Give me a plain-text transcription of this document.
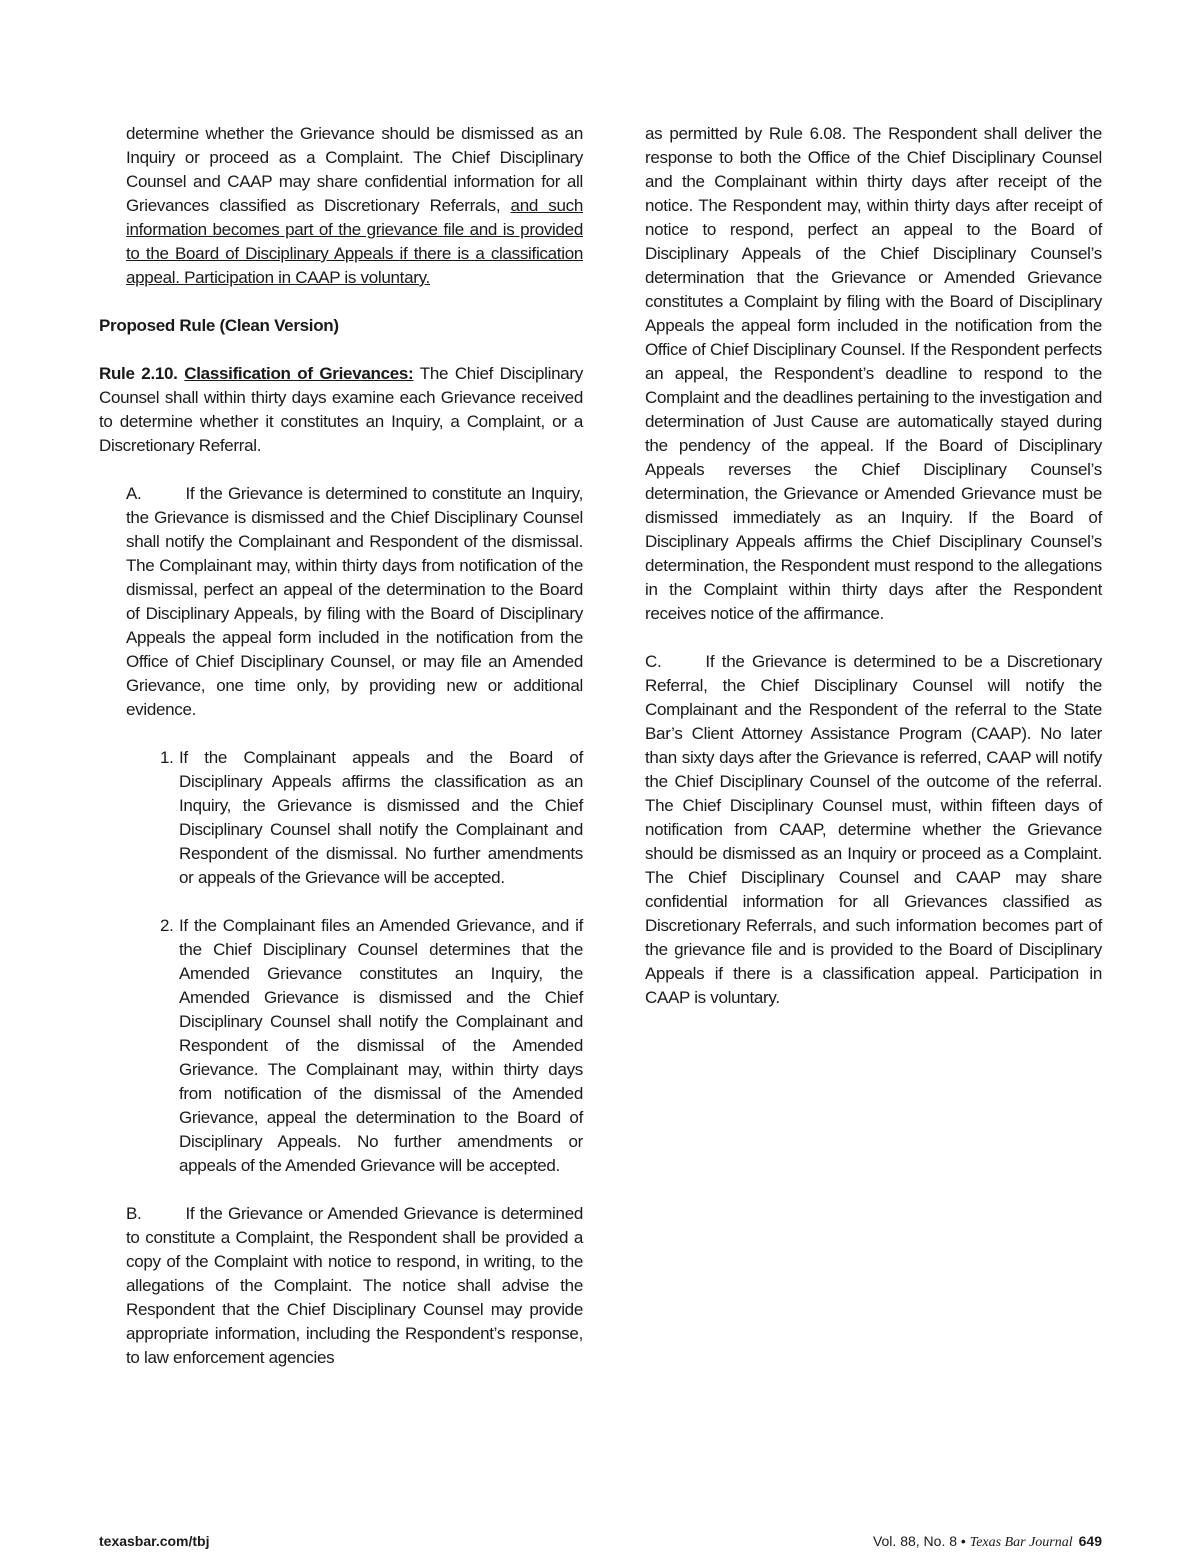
determine whether the Grievance should be dismissed as an Inquiry or proceed as a Complaint. The Chief Disciplinary Counsel and CAAP may share confidential information for all Grievances classified as Discretionary Referrals, and such information becomes part of the grievance file and is provided to the Board of Disciplinary Appeals if there is a classification appeal. Participation in CAAP is voluntary.

Proposed Rule (Clean Version)

Rule 2.10. Classification of Grievances: The Chief Disciplinary Counsel shall within thirty days examine each Grievance received to determine whether it constitutes an Inquiry, a Complaint, or a Discretionary Referral.

A.	If the Grievance is determined to constitute an Inquiry, the Grievance is dismissed and the Chief Disciplinary Counsel shall notify the Complainant and Respondent of the dismissal. The Complainant may, within thirty days from notification of the dismissal, perfect an appeal of the determination to the Board of Disciplinary Appeals, by filing with the Board of Disciplinary Appeals the appeal form included in the notification from the Office of Chief Disciplinary Counsel, or may file an Amended Grievance, one time only, by providing new or additional evidence.

1. If the Complainant appeals and the Board of Disciplinary Appeals affirms the classification as an Inquiry, the Grievance is dismissed and the Chief Disciplinary Counsel shall notify the Complainant and Respondent of the dismissal. No further amendments or appeals of the Grievance will be accepted.

2. If the Complainant files an Amended Grievance, and if the Chief Disciplinary Counsel determines that the Amended Grievance constitutes an Inquiry, the Amended Grievance is dismissed and the Chief Disciplinary Counsel shall notify the Complainant and Respondent of the dismissal of the Amended Grievance. The Complainant may, within thirty days from notification of the dismissal of the Amended Grievance, appeal the determination to the Board of Disciplinary Appeals. No further amendments or appeals of the Amended Grievance will be accepted.

B.	If the Grievance or Amended Grievance is determined to constitute a Complaint, the Respondent shall be provided a copy of the Complaint with notice to respond, in writing, to the allegations of the Complaint. The notice shall advise the Respondent that the Chief Disciplinary Counsel may provide appropriate information, including the Respondent’s response, to law enforcement agencies

as permitted by Rule 6.08. The Respondent shall deliver the response to both the Office of the Chief Disciplinary Counsel and the Complainant within thirty days after receipt of the notice. The Respondent may, within thirty days after receipt of notice to respond, perfect an appeal to the Board of Disciplinary Appeals of the Chief Disciplinary Counsel’s determination that the Grievance or Amended Grievance constitutes a Complaint by filing with the Board of Disciplinary Appeals the appeal form included in the notification from the Office of Chief Disciplinary Counsel. If the Respondent perfects an appeal, the Respondent’s deadline to respond to the Complaint and the deadlines pertaining to the investigation and determination of Just Cause are automatically stayed during the pendency of the appeal. If the Board of Disciplinary Appeals reverses the Chief Disciplinary Counsel’s determination, the Grievance or Amended Grievance must be dismissed immediately as an Inquiry. If the Board of Disciplinary Appeals affirms the Chief Disciplinary Counsel’s determination, the Respondent must respond to the allegations in the Complaint within thirty days after the Respondent receives notice of the affirmance.

C.	If the Grievance is determined to be a Discretionary Referral, the Chief Disciplinary Counsel will notify the Complainant and the Respondent of the referral to the State Bar’s Client Attorney Assistance Program (CAAP). No later than sixty days after the Grievance is referred, CAAP will notify the Chief Disciplinary Counsel of the outcome of the referral. The Chief Disciplinary Counsel must, within fifteen days of notification from CAAP, determine whether the Grievance should be dismissed as an Inquiry or proceed as a Complaint. The Chief Disciplinary Counsel and CAAP may share confidential information for all Grievances classified as Discretionary Referrals, and such information becomes part of the grievance file and is provided to the Board of Disciplinary Appeals if there is a classification appeal. Participation in CAAP is voluntary.

texasbar.com/tbj	Vol. 88, No. 8 • Texas Bar Journal 649
